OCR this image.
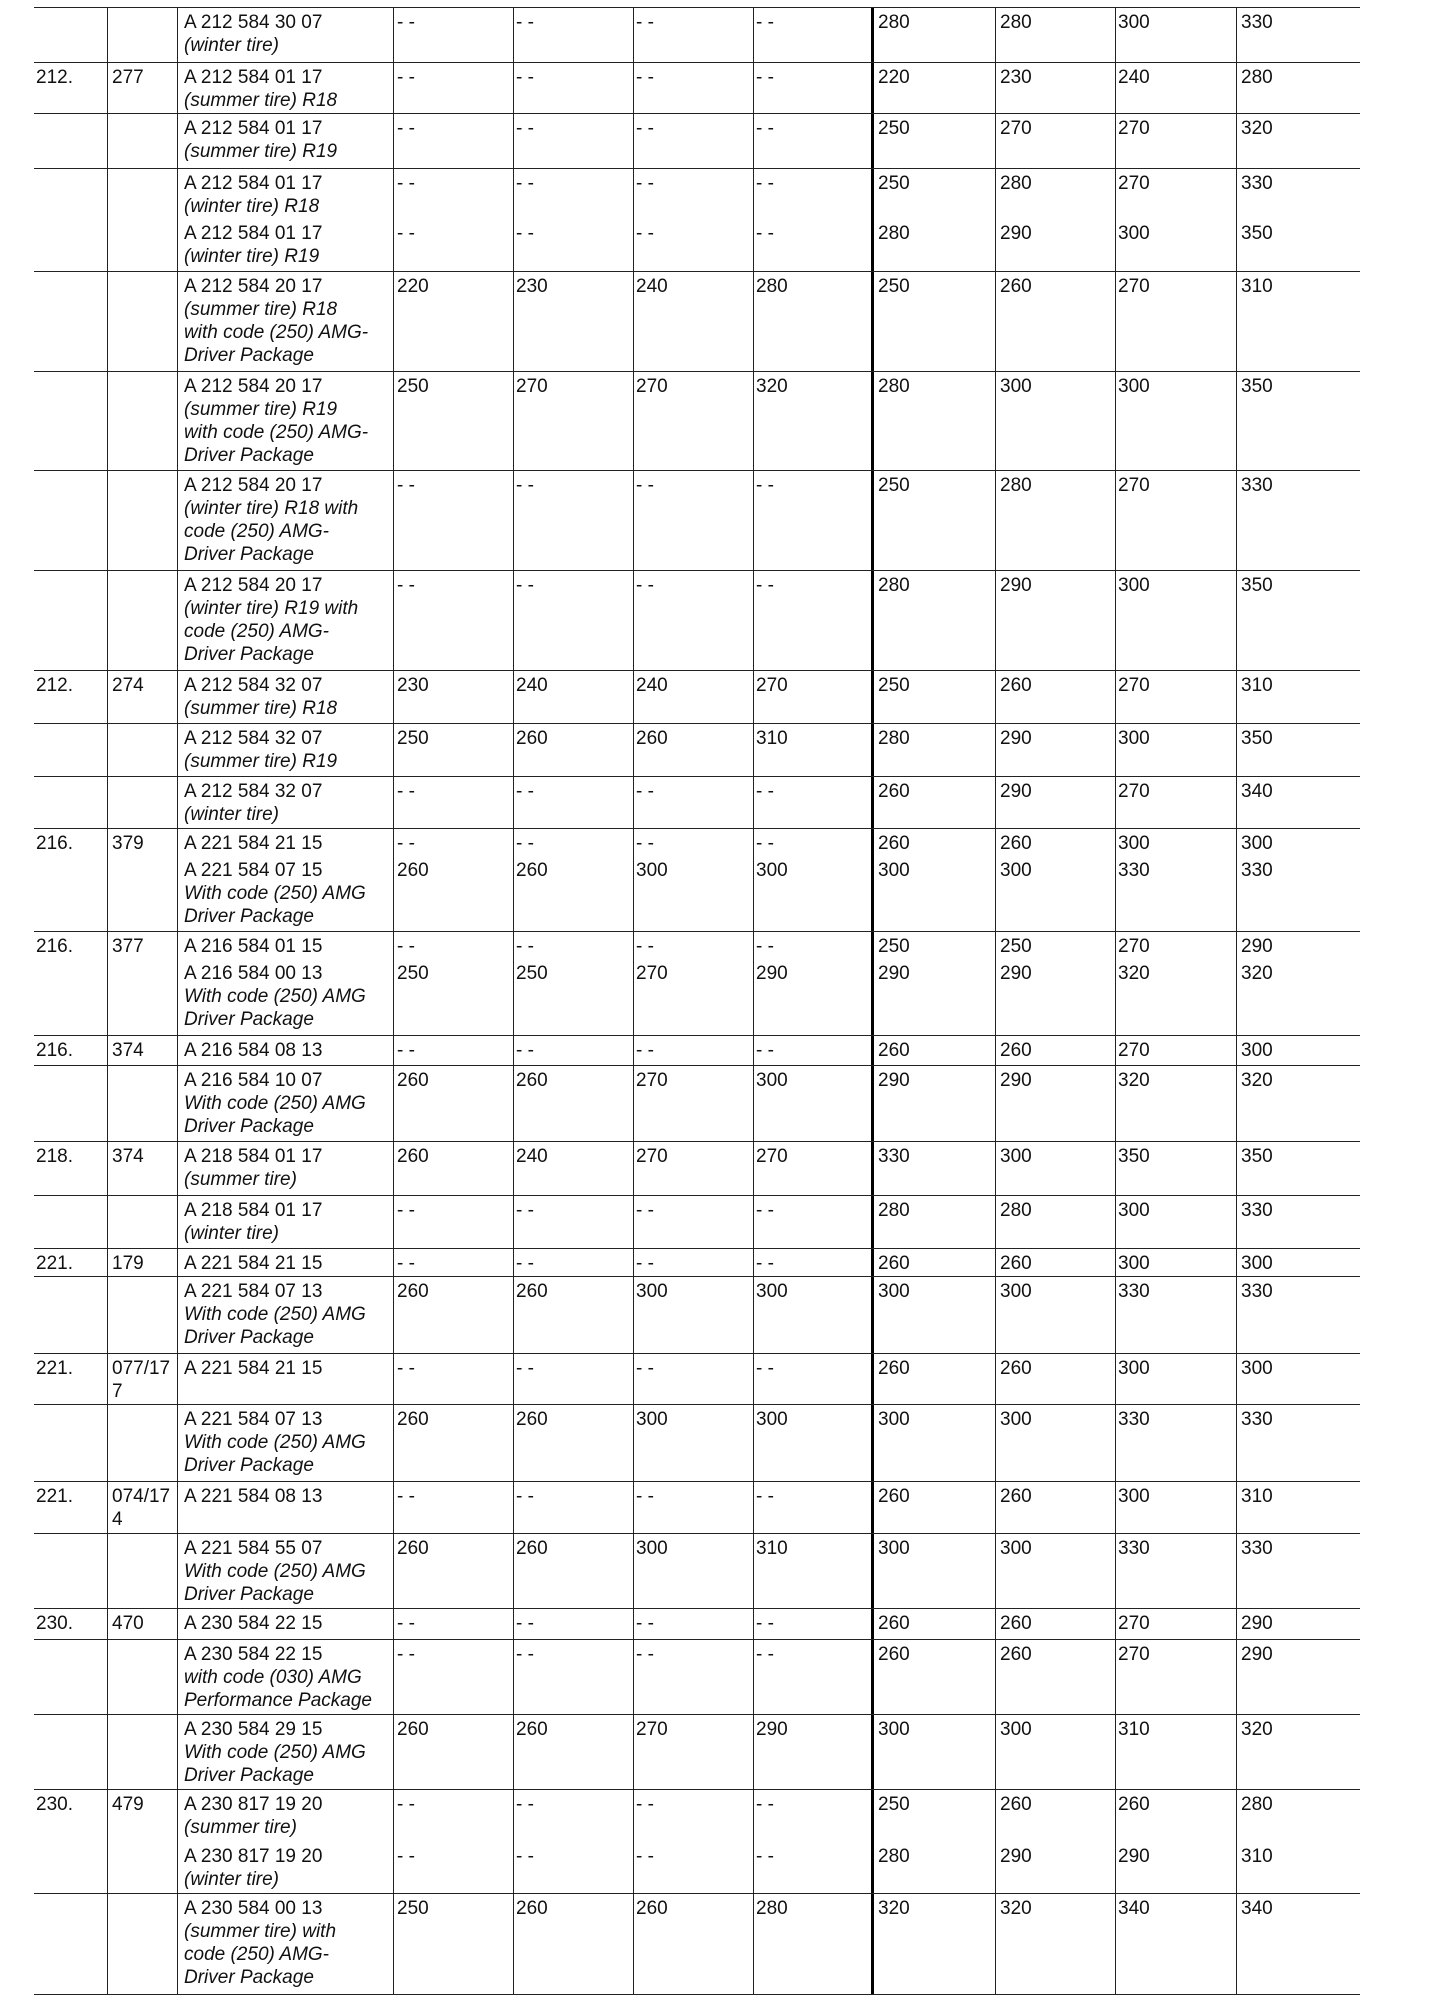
A 212 584 30 07
(winter tire)
- -	- -	- -	- -	280	280	300	330
212. 277 A 212 584 01 17
(summer tire) R18
- -	- -	- -	- -	220	230	240	280
A 212 584 01 17
(summer tire) R19
- -	- -	- -	- -	250	270	270	320
A 212 584 01 17
(winter tire) R18
- -	- -	- -	- -	250	280	270	330
A 212 584 01 17
(winter tire) R19
- -	- -	- -	- -	280	290	300	350
A 212 584 20 17
(summer tire) R18
with code (250) AMG-
Driver Package
220	230	240	280	250	260	270	310
A 212 584 20 17
(summer tire) R19
with code (250) AMG-
Driver Package
250	270	270	320	280	300	300	350
A 212 584 20 17
(winter tire) R18 with
code (250) AMG-
Driver Package
- -	- -	- -	- -	250	280	270	330
A 212 584 20 17
(winter tire) R19 with
code (250) AMG-
Driver Package
- -	- -	- -	- -	280	290	300	350
212. 274 A 212 584 32 07
(summer tire) R18
230	240	240	270	250	260	270	310
A 212 584 32 07
(summer tire) R19
250	260	260	310	280	290	300	350
A 212 584 32 07
(winter tire)
- -	- -	- -	- -	260	290	270	340
216. 379 A 221 584 21 15	- -	- -	- -	- -	260	260	300	300
A 221 584 07 15
With code (250) AMG
Driver Package
260	260	300	300	300	300	330	330
216. 377 A 216 584 01 15	- -	- -	- -	- -	250	250	270	290
A 216 584 00 13
With code (250) AMG
Driver Package
250	250	270	290	290	290	320	320
216. 374 A 216 584 08 13	- -	- -	- -	- -	260	260	270	300
A 216 584 10 07
With code (250) AMG
Driver Package
260	260	270	300	290	290	320	320
218. 374 A 218 584 01 17
(summer tire)
260	240	270	270	330	300	350	350
A 218 584 01 17
(winter tire)
- -	- -	- -	- -	280	280	300	330
221. 179 A 221 584 21 15	- -	- -	- -	- -	260	260	300	300
A 221 584 07 13
With code (250) AMG
Driver Package
260	260	300	300	300	300	330	330
221. 077/17
7
A 221 584 21 15	- -	- -	- -	- -	260	260	300	300
A 221 584 07 13
With code (250) AMG
Driver Package
260	260	300	300	300	300	330	330
221. 074/17
4
A 221 584 08 13	- -	- -	- -	- -	260	260	300	310
A 221 584 55 07
With code (250) AMG
Driver Package
260	260	300	310	300	300	330	330
230. 470 A 230 584 22 15	- -	- -	- -	- -	260	260	270	290
A 230 584 22 15
with code (030) AMG
Performance Package
- -	- -	- -	- -	260	260	270	290
A 230 584 29 15
With code (250) AMG
Driver Package
260	260	270	290	300	300	310	320
230. 479 A 230 817 19 20
(summer tire)
- -	- -	- -	- -	250	260	260	280
A 230 817 19 20
(winter tire)
- -	- -	- -	- -	280	290	290	310
A 230 584 00 13
(summer tire) with
code (250) AMG-
Driver Package
250	260	260	280	320	320	340	340
